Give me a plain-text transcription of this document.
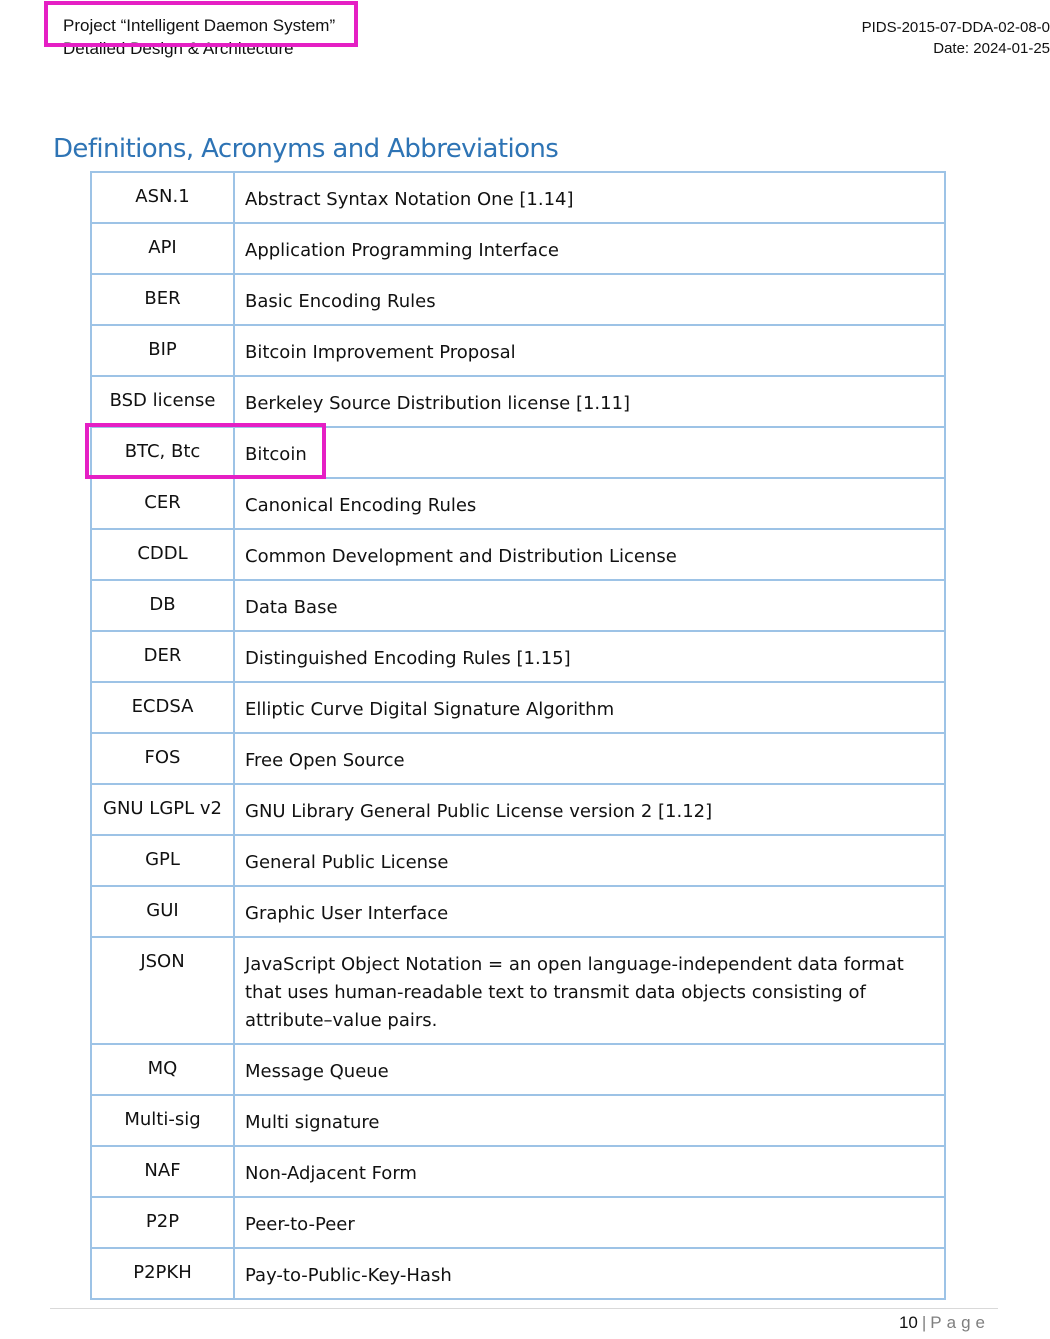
Project “Intelligent Daemon System”
Detailed Design & Architecture
PIDS-2015-07-DDA-02-08-0
Date: 2024-01-25
Definitions, Acronyms and Abbreviations
ASN.1	Abstract Syntax Notation One [1.14]
API	Application Programming Interface
BER	Basic Encoding Rules
BIP	Bitcoin Improvement Proposal
BSD license	Berkeley Source Distribution license [1.11]
BTC, Btc	Bitcoin
CER	Canonical Encoding Rules
CDDL	Common Development and Distribution License
DB	Data Base
DER	Distinguished Encoding Rules [1.15]
ECDSA	Elliptic Curve Digital Signature Algorithm
FOS	Free Open Source
GNU LGPL v2	GNU Library General Public License version 2 [1.12]
GPL	General Public License
GUI	Graphic User Interface
JSON	JavaScript Object Notation = an open language-independent data format that uses human-readable text to transmit data objects consisting of attribute–value pairs.
MQ	Message Queue
Multi-sig	Multi signature
NAF	Non-Adjacent Form
P2P	Peer-to-Peer
P2PKH	Pay-to-Public-Key-Hash
10 | Page
